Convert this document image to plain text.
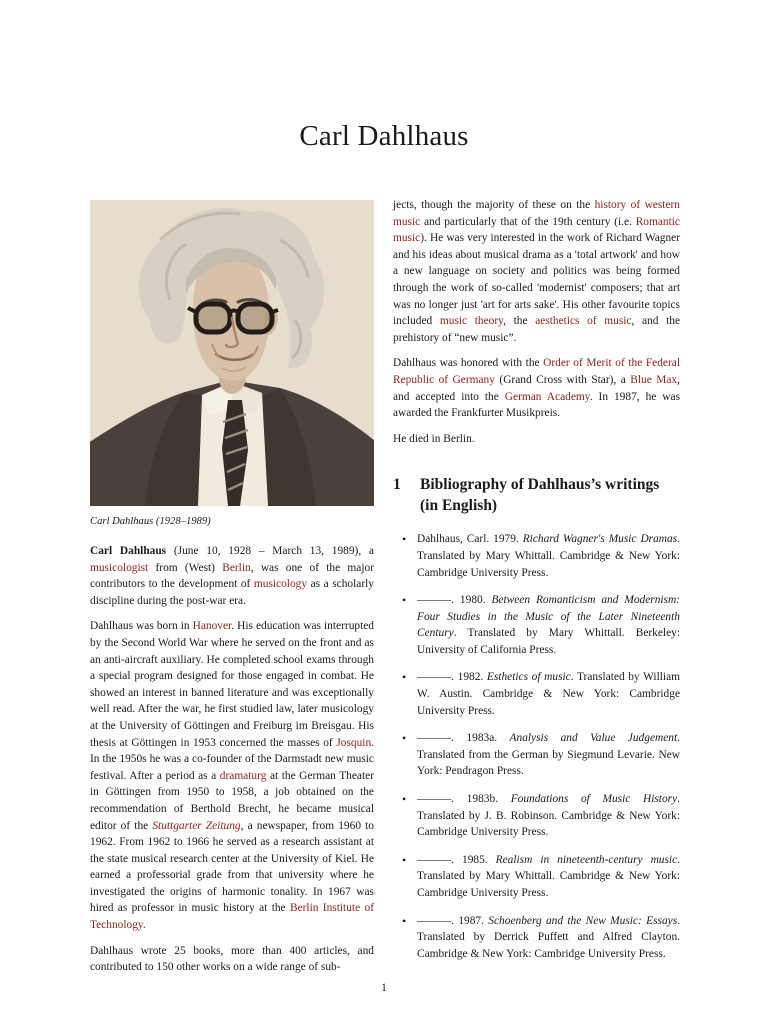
Carl Dahlhaus
Carl Dahlhaus (1928–1989)

Carl Dahlhaus (June 10, 1928 – March 13, 1989), a musicologist from (West) Berlin, was one of the major contributors to the development of musicology as a scholarly discipline during the post-war era.

Dahlhaus was born in Hanover. His education was interrupted by the Second World War where he served on the front and as an anti-aircraft auxiliary. He completed school exams through a special program designed for those engaged in combat. He showed an interest in banned literature and was exceptionally well read. After the war, he first studied law, later musicology at the University of Göttingen and Freiburg im Breisgau. His thesis at Göttingen in 1953 concerned the masses of Josquin. In the 1950s he was a co-founder of the Darmstadt new music festival. After a period as a dramaturg at the German Theater in Göttingen from 1950 to 1958, a job obtained on the recommendation of Berthold Brecht, he became musical editor of the Stuttgarter Zeitung, a newspaper, from 1960 to 1962. From 1962 to 1966 he served as a research assistant at the state musical research center at the University of Kiel. He earned a professorial grade from that university where he investigated the origins of harmonic tonality. In 1967 was hired as professor in music history at the Berlin Institute of Technology.

Dahlhaus wrote 25 books, more than 400 articles, and contributed to 150 other works on a wide range of sub-

jects, though the majority of these on the history of western music and particularly that of the 19th century (i.e. Romantic music). He was very interested in the work of Richard Wagner and his ideas about musical drama as a 'total artwork' and how a new language on society and politics was being formed through the work of so-called 'modernist' composers; that art was no longer just 'art for arts sake'. His other favourite topics included music theory, the aesthetics of music, and the prehistory of “new music”.

Dahlhaus was honored with the Order of Merit of the Federal Republic of Germany (Grand Cross with Star), a Blue Max, and accepted into the German Academy. In 1987, he was awarded the Frankfurter Musikpreis.

He died in Berlin.

1	Bibliography of Dahlhaus’s writings (in English)
• Dahlhaus, Carl. 1979. Richard Wagner's Music Dramas. Translated by Mary Whittall. Cambridge & New York: Cambridge University Press.
• ———. 1980. Between Romanticism and Modernism: Four Studies in the Music of the Later Nineteenth Century. Translated by Mary Whittall. Berkeley: University of California Press.
• ———. 1982. Esthetics of music. Translated by William W. Austin. Cambridge & New York: Cambridge University Press.
• ———. 1983a. Analysis and Value Judgement. Translated from the German by Siegmund Levarie. New York: Pendragon Press.
• ———. 1983b. Foundations of Music History. Translated by J. B. Robinson. Cambridge & New York: Cambridge University Press.
• ———. 1985. Realism in nineteenth-century music. Translated by Mary Whittall. Cambridge & New York: Cambridge University Press.
• ———. 1987. Schoenberg and the New Music: Essays. Translated by Derrick Puffett and Alfred Clayton. Cambridge & New York: Cambridge University Press.
1
